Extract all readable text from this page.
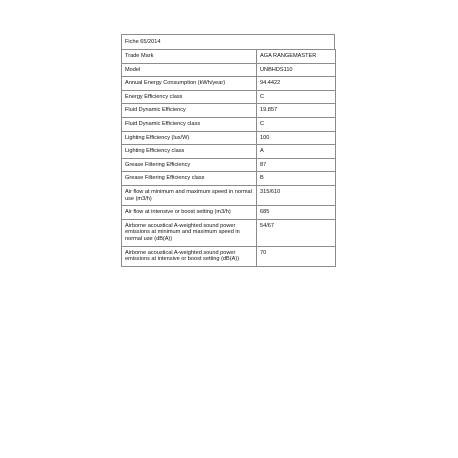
Fiche 65/2014
Trade Mark	AGA RANGEMASTER
Model	UNBHDS110
Annual Energy Consumption (kWh/year)	94.4422
Energy Efficiency class	C
Fluid Dynamic Efficiency	19.857
Fluid Dynamic Efficiency class	C
Lighting Efficiency (lux/W)	100
Lighting Efficiency class	A
Grease Filtering Efficiency	87
Grease Filtering Efficiency class	B
Air flow at minimum and maximum speed in normal use (m3/h)	315/610
Air flow at intensive or boost setting (m3/h)	685
Airborne acoustical A-weighted sound power emissions at minimum and maximum speed in normal use (dB(A))	54/67
Airborne acoustical A-weighted sound power emissions at intensive or boost setting (dB(A))	70
